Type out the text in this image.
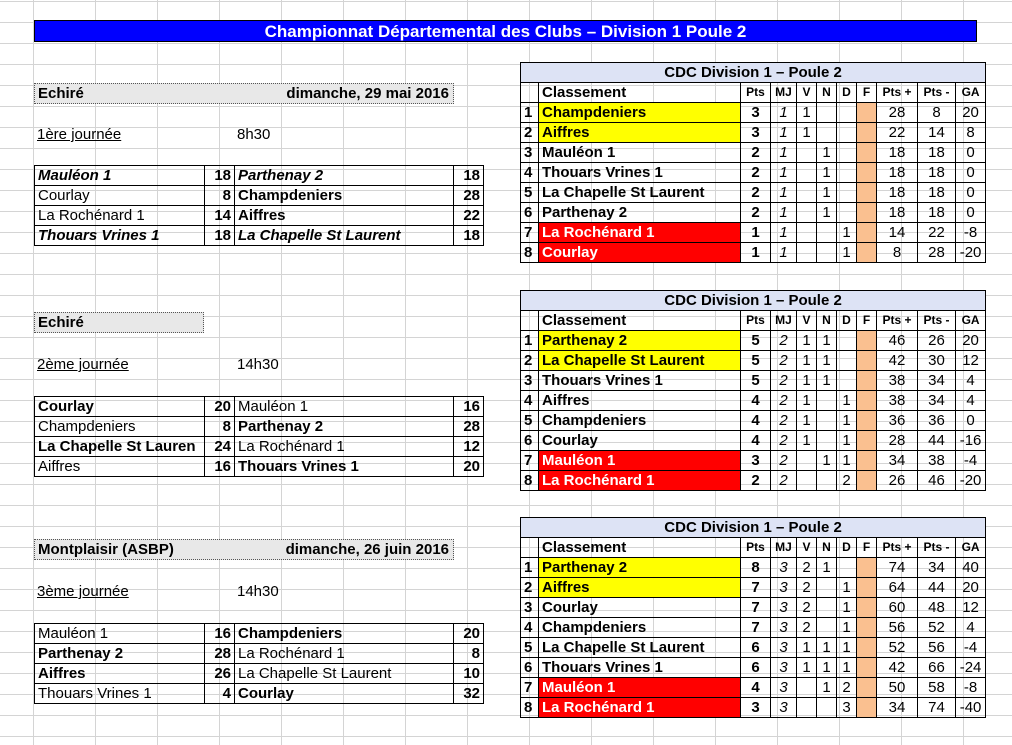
Championnat Départemental des Clubs – Division 1 Poule 2
Echiré	dimanche, 29 mai 2016
1ère journée	8h30
Mauléon 1	18	Parthenay 2	18
Courlay	8	Champdeniers	28
La Rochénard 1	14	Aiffres	22
Thouars Vrines 1	18	La Chapelle St Laurent	18
Echiré
2ème journée	14h30
Courlay	20	Mauléon 1	16
Champdeniers	8	Parthenay 2	28
La Chapelle St Lauren	24	La Rochénard 1	12
Aiffres	16	Thouars Vrines 1	20
Montplaisir (ASBP)	dimanche, 26 juin 2016
3ème journée	14h30
Mauléon 1	16	Champdeniers	20
Parthenay 2	28	La Rochénard 1	8
Aiffres	26	La Chapelle St Laurent	10
Thouars Vrines 1	4	Courlay	32
CDC Division 1 – Poule 2										
	Classement	Pts	MJ	V	N	D	F	Pts +	Pts -	GA
1	Champdeniers	3	1	1				28	8	20
2	Aiffres	3	1	1				22	14	8
3	Mauléon 1	2	1		1			18	18	0
4	Thouars Vrines 1	2	1		1			18	18	0
5	La Chapelle St Laurent	2	1		1			18	18	0
6	Parthenay 2	2	1		1			18	18	0
7	La Rochénard 1	1	1			1		14	22	-8
8	Courlay	1	1			1		8	28	-20
CDC Division 1 – Poule 2										
	Classement	Pts	MJ	V	N	D	F	Pts +	Pts -	GA
1	Parthenay 2	5	2	1	1			46	26	20
2	La Chapelle St Laurent	5	2	1	1			42	30	12
3	Thouars Vrines 1	5	2	1	1			38	34	4
4	Aiffres	4	2	1		1		38	34	4
5	Champdeniers	4	2	1		1		36	36	0
6	Courlay	4	2	1		1		28	44	-16
7	Mauléon 1	3	2		1	1		34	38	-4
8	La Rochénard 1	2	2			2		26	46	-20
CDC Division 1 – Poule 2										
	Classement	Pts	MJ	V	N	D	F	Pts +	Pts -	GA
1	Parthenay 2	8	3	2	1			74	34	40
2	Aiffres	7	3	2		1		64	44	20
3	Courlay	7	3	2		1		60	48	12
4	Champdeniers	7	3	2		1		56	52	4
5	La Chapelle St Laurent	6	3	1	1	1		52	56	-4
6	Thouars Vrines 1	6	3	1	1	1		42	66	-24
7	Mauléon 1	4	3		1	2		50	58	-8
8	La Rochénard 1	3	3			3		34	74	-40
